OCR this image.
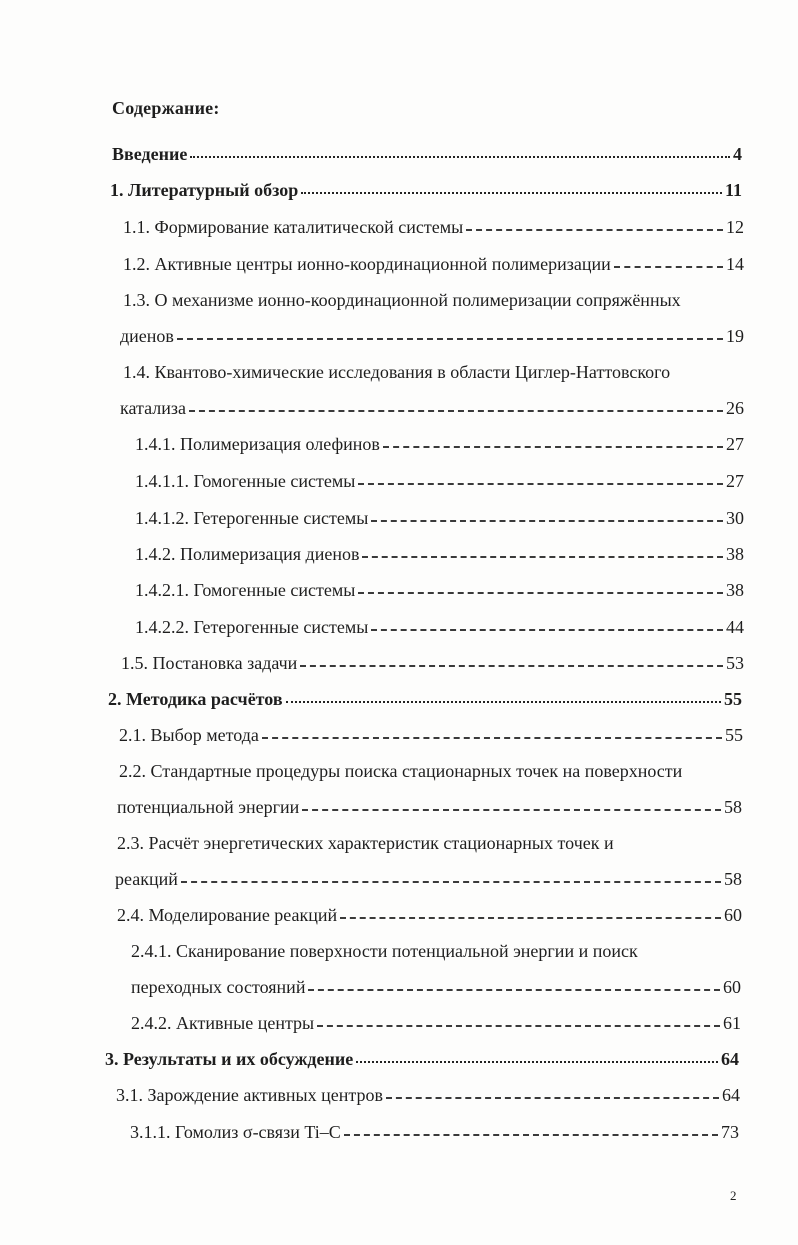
Содержание:
Введение	4
1. Литературный обзор	11
1.1. Формирование каталитической системы	12
1.2. Активные центры ионно-координационной полимеризации	14
1.3. О механизме ионно-координационной полимеризации сопряжённых
диенов	19
1.4. Квантово-химические исследования в области Циглер-Наттовского
катализа	26
1.4.1. Полимеризация олефинов	27
1.4.1.1. Гомогенные системы	27
1.4.1.2. Гетерогенные системы	30
1.4.2. Полимеризация диенов	38
1.4.2.1. Гомогенные системы	38
1.4.2.2. Гетерогенные системы	44
1.5. Постановка задачи	53
2. Методика расчётов	55
2.1. Выбор метода	55
2.2. Стандартные процедуры поиска стационарных точек на поверхности
потенциальной энергии	58
2.3. Расчёт энергетических характеристик стационарных точек и
реакций	58
2.4. Моделирование реакций	60
2.4.1. Сканирование поверхности потенциальной энергии и поиск
переходных состояний	60
2.4.2. Активные центры	61
3. Результаты и их обсуждение	64
3.1. Зарождение активных центров	64
3.1.1. Гомолиз σ-связи Ti–C	73
2
